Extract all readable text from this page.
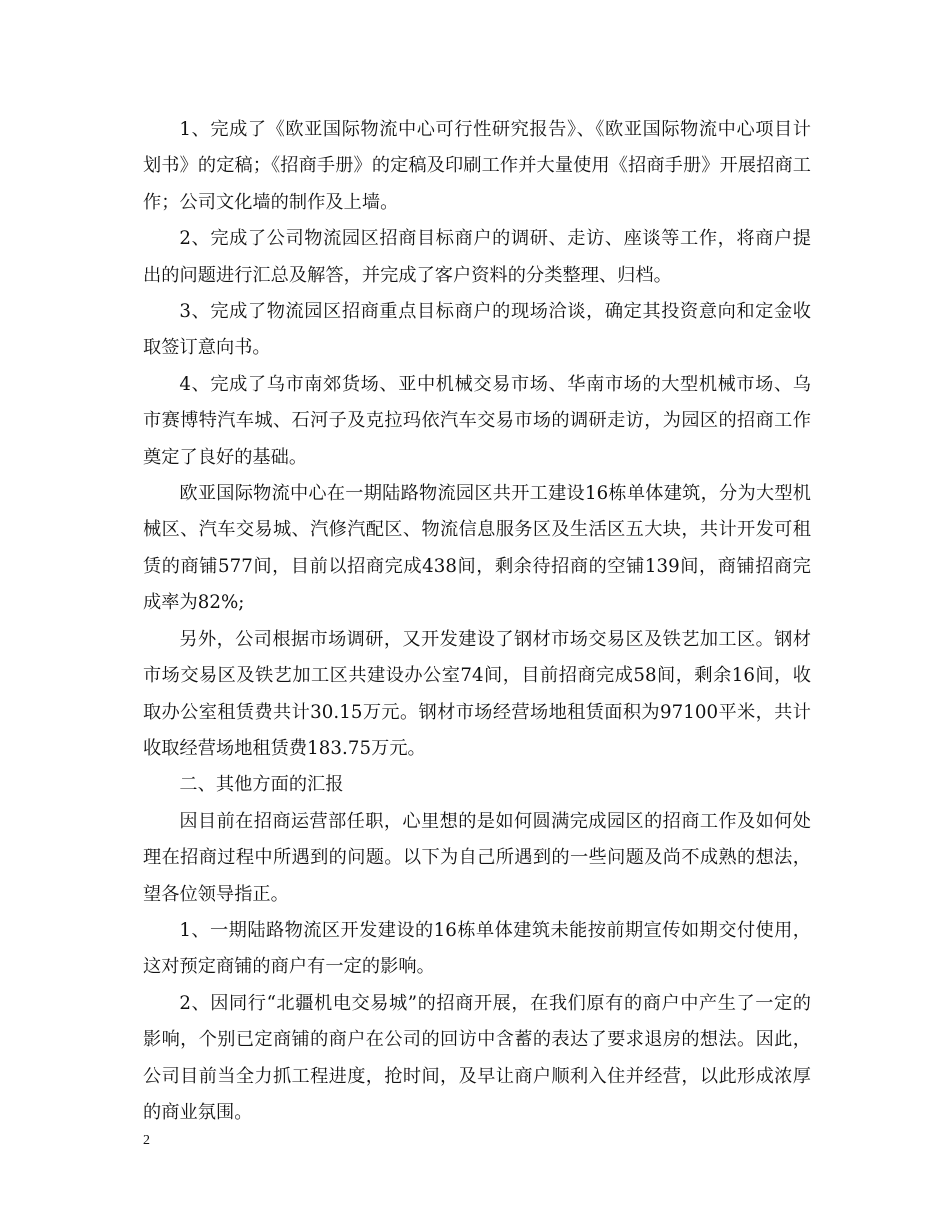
1、完成了《欧亚国际物流中心可行性研究报告》、《欧亚国际物流中心项目计划书》的定稿；《招商手册》的定稿及印刷工作并大量使用《招商手册》开展招商工作；公司文化墙的制作及上墙。

2、完成了公司物流园区招商目标商户的调研、走访、座谈等工作，将商户提出的问题进行汇总及解答，并完成了客户资料的分类整理、归档。

3、完成了物流园区招商重点目标商户的现场洽谈，确定其投资意向和定金收取签订意向书。

4、完成了乌市南郊货场、亚中机械交易市场、华南市场的大型机械市场、乌市赛博特汽车城、石河子及克拉玛依汽车交易市场的调研走访，为园区的招商工作奠定了良好的基础。

欧亚国际物流中心在一期陆路物流园区共开工建设16栋单体建筑，分为大型机械区、汽车交易城、汽修汽配区、物流信息服务区及生活区五大块，共计开发可租赁的商铺577间，目前以招商完成438间，剩余待招商的空铺139间，商铺招商完成率为82%;

另外，公司根据市场调研，又开发建设了钢材市场交易区及铁艺加工区。钢材市场交易区及铁艺加工区共建设办公室74间，目前招商完成58间，剩余16间，收取办公室租赁费共计30.15万元。钢材市场经营场地租赁面积为97100平米，共计收取经营场地租赁费183.75万元。

二、其他方面的汇报

因目前在招商运营部任职，心里想的是如何圆满完成园区的招商工作及如何处理在招商过程中所遇到的问题。以下为自己所遇到的一些问题及尚不成熟的想法，望各位领导指正。

1、一期陆路物流区开发建设的16栋单体建筑未能按前期宣传如期交付使用，这对预定商铺的商户有一定的影响。

2、因同行“北疆机电交易城”的招商开展，在我们原有的商户中产生了一定的影响，个别已定商铺的商户在公司的回访中含蓄的表达了要求退房的想法。因此，公司目前当全力抓工程进度，抢时间，及早让商户顺利入住并经营，以此形成浓厚的商业氛围。

2
